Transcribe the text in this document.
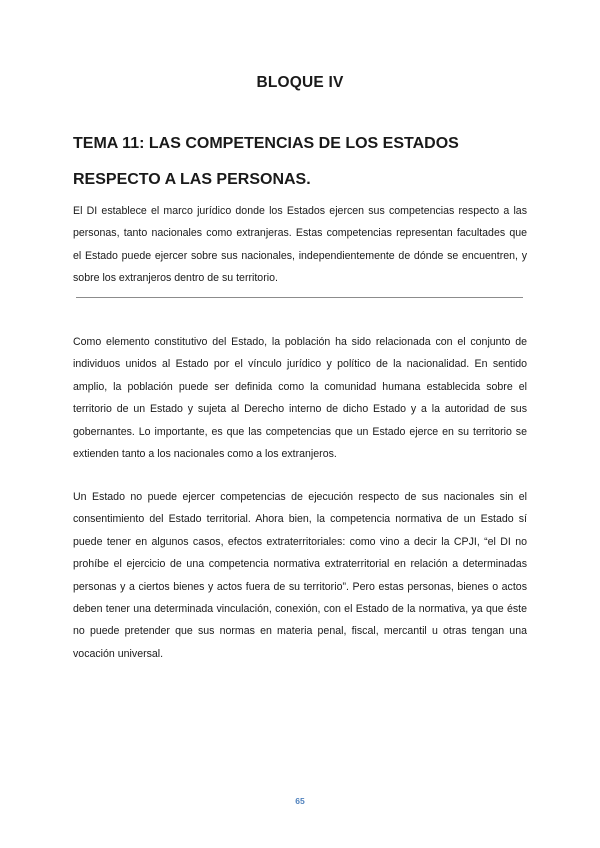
BLOQUE IV
TEMA 11: LAS COMPETENCIAS DE LOS ESTADOS RESPECTO A LAS PERSONAS.

El DI establece el marco jurídico donde los Estados ejercen sus competencias respecto a las personas, tanto nacionales como extranjeras. Estas competencias representan facultades que el Estado puede ejercer sobre sus nacionales, independientemente de dónde se encuentren, y sobre los extranjeros dentro de su territorio.

Como elemento constitutivo del Estado, la población ha sido relacionada con el conjunto de individuos unidos al Estado por el vínculo jurídico y político de la nacionalidad. En sentido amplio, la población puede ser definida como la comunidad humana establecida sobre el territorio de un Estado y sujeta al Derecho interno de dicho Estado y a la autoridad de sus gobernantes. Lo importante, es que las competencias que un Estado ejerce en su territorio se extienden tanto a los nacionales como a los extranjeros.

Un Estado no puede ejercer competencias de ejecución respecto de sus nacionales sin el consentimiento del Estado territorial. Ahora bien, la competencia normativa de un Estado sí puede tener en algunos casos, efectos extraterritoriales: como vino a decir la CPJI, “el DI no prohíbe el ejercicio de una competencia normativa extraterritorial en relación a determinadas personas y a ciertos bienes y actos fuera de su territorio”. Pero estas personas, bienes o actos deben tener una determinada vinculación, conexión, con el Estado de la normativa, ya que éste no puede pretender que sus normas en materia penal, fiscal, mercantil u otras tengan una vocación universal.

65
